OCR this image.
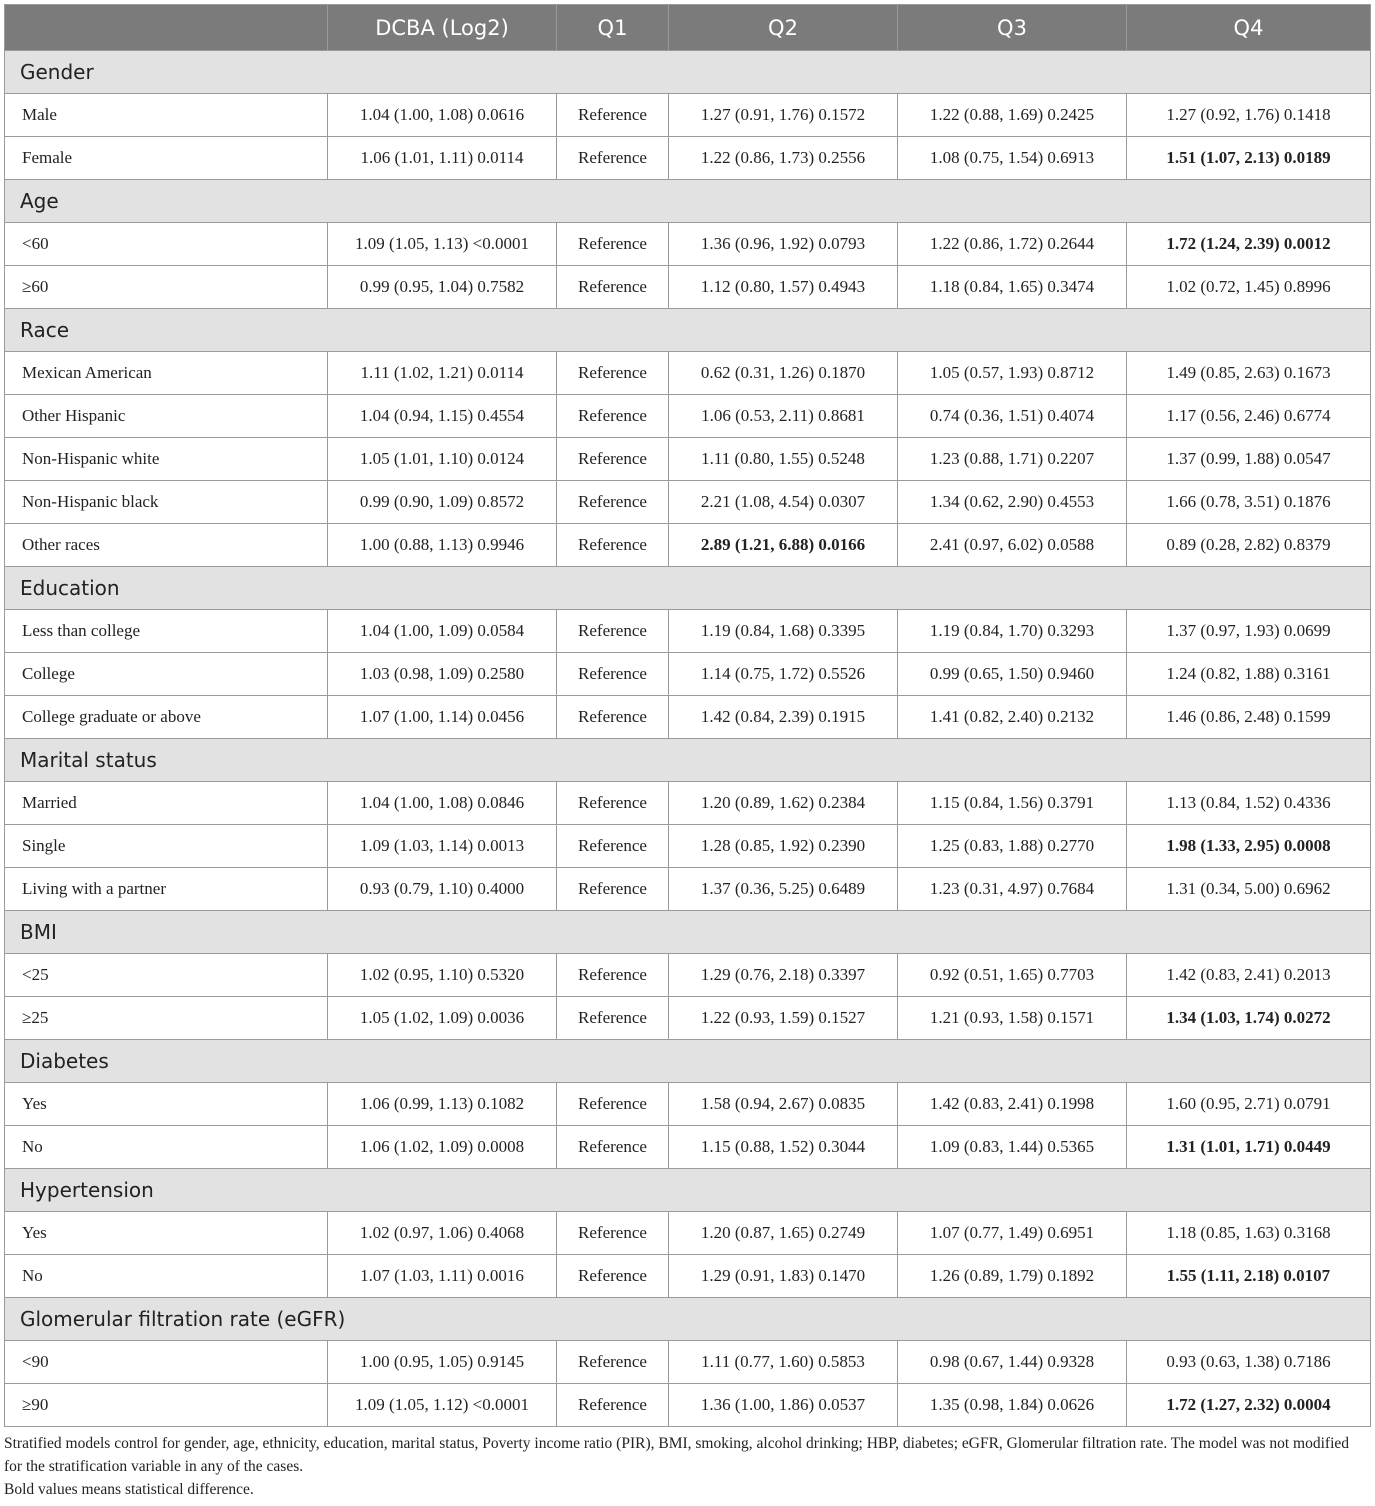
	DCBA (Log2)	Q1	Q2	Q3	Q4
Gender					
Male	1.04 (1.00, 1.08) 0.0616	Reference	1.27 (0.91, 1.76) 0.1572	1.22 (0.88, 1.69) 0.2425	1.27 (0.92, 1.76) 0.1418
Female	1.06 (1.01, 1.11) 0.0114	Reference	1.22 (0.86, 1.73) 0.2556	1.08 (0.75, 1.54) 0.6913	1.51 (1.07, 2.13) 0.0189
Age					
<60	1.09 (1.05, 1.13) <0.0001	Reference	1.36 (0.96, 1.92) 0.0793	1.22 (0.86, 1.72) 0.2644	1.72 (1.24, 2.39) 0.0012
≥60	0.99 (0.95, 1.04) 0.7582	Reference	1.12 (0.80, 1.57) 0.4943	1.18 (0.84, 1.65) 0.3474	1.02 (0.72, 1.45) 0.8996
Race					
Mexican American	1.11 (1.02, 1.21) 0.0114	Reference	0.62 (0.31, 1.26) 0.1870	1.05 (0.57, 1.93) 0.8712	1.49 (0.85, 2.63) 0.1673
Other Hispanic	1.04 (0.94, 1.15) 0.4554	Reference	1.06 (0.53, 2.11) 0.8681	0.74 (0.36, 1.51) 0.4074	1.17 (0.56, 2.46) 0.6774
Non-Hispanic white	1.05 (1.01, 1.10) 0.0124	Reference	1.11 (0.80, 1.55) 0.5248	1.23 (0.88, 1.71) 0.2207	1.37 (0.99, 1.88) 0.0547
Non-Hispanic black	0.99 (0.90, 1.09) 0.8572	Reference	2.21 (1.08, 4.54) 0.0307	1.34 (0.62, 2.90) 0.4553	1.66 (0.78, 3.51) 0.1876
Other races	1.00 (0.88, 1.13) 0.9946	Reference	2.89 (1.21, 6.88) 0.0166	2.41 (0.97, 6.02) 0.0588	0.89 (0.28, 2.82) 0.8379
Education					
Less than college	1.04 (1.00, 1.09) 0.0584	Reference	1.19 (0.84, 1.68) 0.3395	1.19 (0.84, 1.70) 0.3293	1.37 (0.97, 1.93) 0.0699
College	1.03 (0.98, 1.09) 0.2580	Reference	1.14 (0.75, 1.72) 0.5526	0.99 (0.65, 1.50) 0.9460	1.24 (0.82, 1.88) 0.3161
College graduate or above	1.07 (1.00, 1.14) 0.0456	Reference	1.42 (0.84, 2.39) 0.1915	1.41 (0.82, 2.40) 0.2132	1.46 (0.86, 2.48) 0.1599
Marital status					
Married	1.04 (1.00, 1.08) 0.0846	Reference	1.20 (0.89, 1.62) 0.2384	1.15 (0.84, 1.56) 0.3791	1.13 (0.84, 1.52) 0.4336
Single	1.09 (1.03, 1.14) 0.0013	Reference	1.28 (0.85, 1.92) 0.2390	1.25 (0.83, 1.88) 0.2770	1.98 (1.33, 2.95) 0.0008
Living with a partner	0.93 (0.79, 1.10) 0.4000	Reference	1.37 (0.36, 5.25) 0.6489	1.23 (0.31, 4.97) 0.7684	1.31 (0.34, 5.00) 0.6962
BMI					
<25	1.02 (0.95, 1.10) 0.5320	Reference	1.29 (0.76, 2.18) 0.3397	0.92 (0.51, 1.65) 0.7703	1.42 (0.83, 2.41) 0.2013
≥25	1.05 (1.02, 1.09) 0.0036	Reference	1.22 (0.93, 1.59) 0.1527	1.21 (0.93, 1.58) 0.1571	1.34 (1.03, 1.74) 0.0272
Diabetes					
Yes	1.06 (0.99, 1.13) 0.1082	Reference	1.58 (0.94, 2.67) 0.0835	1.42 (0.83, 2.41) 0.1998	1.60 (0.95, 2.71) 0.0791
No	1.06 (1.02, 1.09) 0.0008	Reference	1.15 (0.88, 1.52) 0.3044	1.09 (0.83, 1.44) 0.5365	1.31 (1.01, 1.71) 0.0449
Hypertension					
Yes	1.02 (0.97, 1.06) 0.4068	Reference	1.20 (0.87, 1.65) 0.2749	1.07 (0.77, 1.49) 0.6951	1.18 (0.85, 1.63) 0.3168
No	1.07 (1.03, 1.11) 0.0016	Reference	1.29 (0.91, 1.83) 0.1470	1.26 (0.89, 1.79) 0.1892	1.55 (1.11, 2.18) 0.0107
Glomerular filtration rate (eGFR)					
<90	1.00 (0.95, 1.05) 0.9145	Reference	1.11 (0.77, 1.60) 0.5853	0.98 (0.67, 1.44) 0.9328	0.93 (0.63, 1.38) 0.7186
≥90	1.09 (1.05, 1.12) <0.0001	Reference	1.36 (1.00, 1.86) 0.0537	1.35 (0.98, 1.84) 0.0626	1.72 (1.27, 2.32) 0.0004

Stratified models control for gender, age, ethnicity, education, marital status, Poverty income ratio (PIR), BMI, smoking, alcohol drinking; HBP, diabetes; eGFR, Glomerular filtration rate. The model was not modified for the stratification variable in any of the cases.

Bold values means statistical difference.
